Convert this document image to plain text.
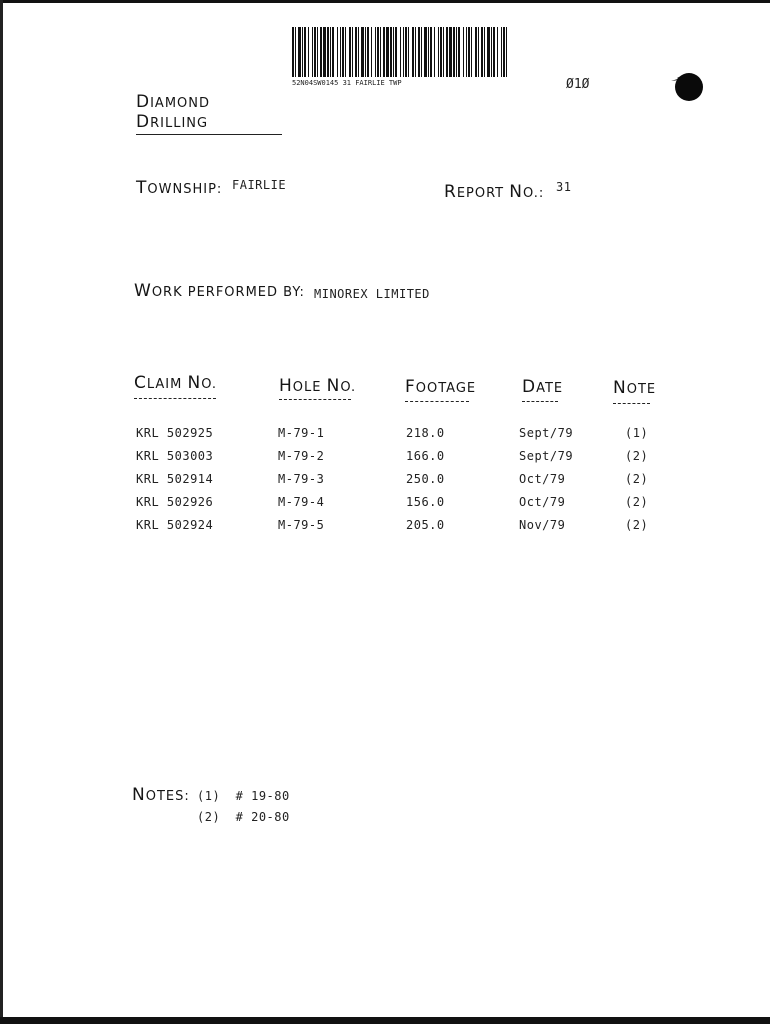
52N04SW0145 31 FAIRLIE TWP	Ø1Ø
DIAMOND DRILLING
TOWNSHIP: FAIRLIE	REPORT NO.: 31
WORK PERFORMED BY: MINOREX LIMITED
CLAIM NO.	HOLE NO.	FOOTAGE	DATE	NOTE
KRL 502925	M-79-1	218.0	Sept/79	(1)
KRL 503003	M-79-2	166.0	Sept/79	(2)
KRL 502914	M-79-3	250.0	Oct/79	(2)
KRL 502926	M-79-4	156.0	Oct/79	(2)
KRL 502924	M-79-5	205.0	Nov/79	(2)
NOTES: (1) # 19-80
(2) # 20-80
